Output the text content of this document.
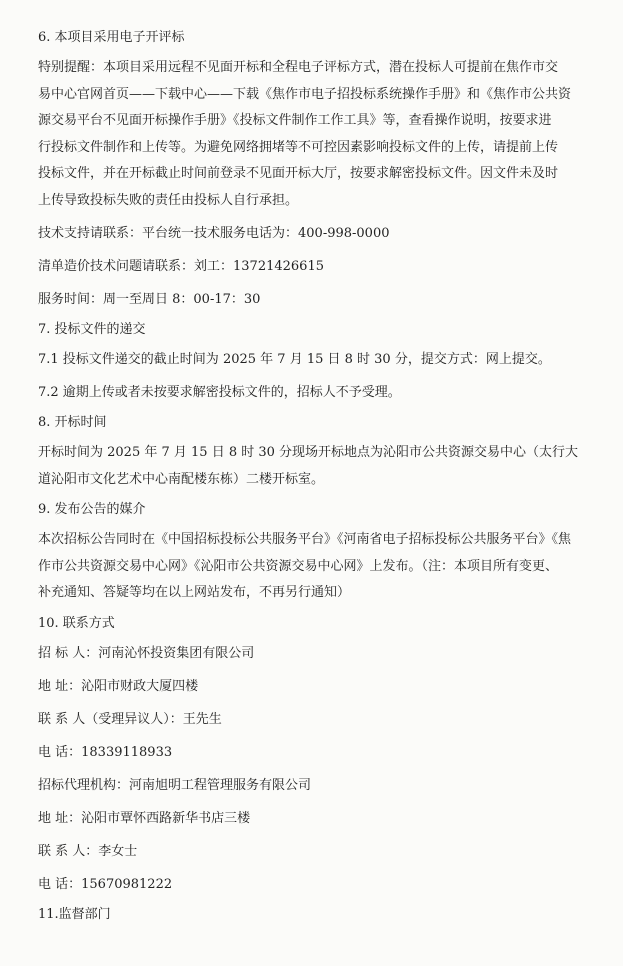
6. 本项目采用电子开评标
特别提醒：本项目采用远程不见面开标和全程电子评标方式，潜在投标人可提前在焦作市交
易中心官网首页——下载中心——下载《焦作市电子招投标系统操作手册》和《焦作市公共资
源交易平台不见面开标操作手册》《投标文件制作工作工具》等，查看操作说明，按要求进
行投标文件制作和上传等。为避免网络拥堵等不可控因素影响投标文件的上传，请提前上传
投标文件，并在开标截止时间前登录不见面开标大厅，按要求解密投标文件。因文件未及时
上传导致投标失败的责任由投标人自行承担。
技术支持请联系：平台统一技术服务电话为：400-998-0000
清单造价技术问题请联系：刘工：13721426615
服务时间：周一至周日 8：00-17：30
7. 投标文件的递交
7.1 投标文件递交的截止时间为 2025 年 7 月 15 日 8 时 30 分，提交方式：网上提交。
7.2 逾期上传或者未按要求解密投标文件的，招标人不予受理。
8. 开标时间
开标时间为 2025 年 7 月 15 日 8 时 30 分现场开标地点为沁阳市公共资源交易中心（太行大
道沁阳市文化艺术中心南配楼东栋）二楼开标室。
9. 发布公告的媒介
本次招标公告同时在《中国招标投标公共服务平台》《河南省电子招标投标公共服务平台》《焦
作市公共资源交易中心网》《沁阳市公共资源交易中心网》上发布。（注：本项目所有变更、
补充通知、答疑等均在以上网站发布，不再另行通知）
10. 联系方式
招 标 人：河南沁怀投资集团有限公司
地 址：沁阳市财政大厦四楼
联 系 人（受理异议人）：王先生
电 话：18339118933
招标代理机构：河南旭明工程管理服务有限公司
地 址：沁阳市覃怀西路新华书店三楼
联 系 人：李女士
电 话：15670981222
11.监督部门
